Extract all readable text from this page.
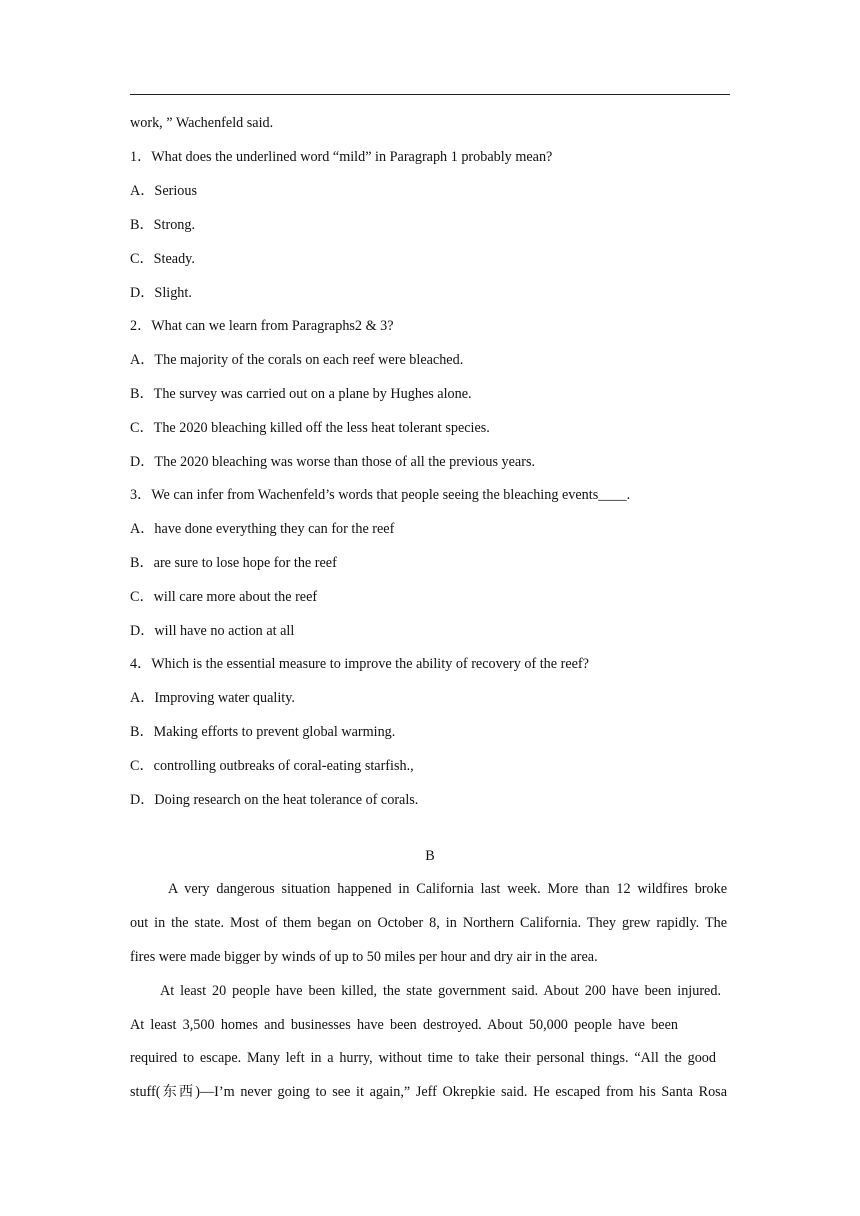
work, ” Wachenfeld said.
1．What does the underlined word “mild” in Paragraph 1 probably mean?
A．Serious
B．Strong.
C．Steady.
D．Slight.
2．What can we learn from Paragraphs2 & 3?
A．The majority of the corals on each reef were bleached.
B．The survey was carried out on a plane by Hughes alone.
C．The 2020 bleaching killed off the less heat tolerant species.
D．The 2020 bleaching was worse than those of all the previous years.
3．We can infer from Wachenfeld’s words that people seeing the bleaching events____.
A．have done everything they can for the reef
B．are sure to lose hope for the reef
C．will care more about the reef
D．will have no action at all
4．Which is the essential measure to improve the ability of recovery of the reef?
A．Improving water quality.
B．Making efforts to prevent global warming.
C．controlling outbreaks of coral-eating starfish.,
D．Doing research on the heat tolerance of corals.
B
A very dangerous situation happened in California last week. More than 12 wildfires broke
out in the state. Most of them began on October 8, in Northern California. They grew rapidly. The
fires were made bigger by winds of up to 50 miles per hour and dry air in the area.
At least 20 people have been killed, the state government said. About 200 have been injured.
At least 3,500 homes and businesses have been destroyed. About 50,000 people have been
required to escape. Many left in a hurry, without time to take their personal things. “All the good
stuff(东西)—I’m never going to see it again,” Jeff Okrepkie said. He escaped from his Santa Rosa
